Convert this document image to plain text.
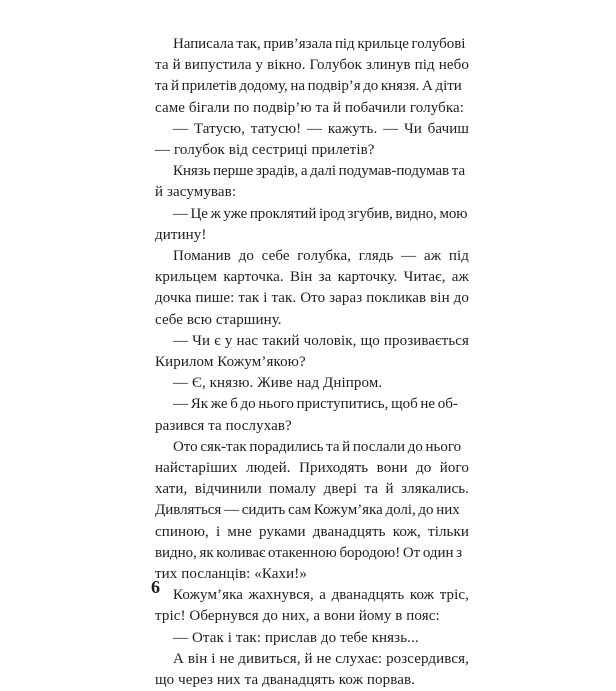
Написала так, прив’язала під крильце голубові
та й випустила у вікно. Голубок злинув під небо
та й прилетів додому, на подвір’я до князя. А діти
саме бігали по подвір’ю та й побачили голубка:
— Татусю, татусю! — кажуть. — Чи бачиш
— голубок від сестриці прилетів?
Князь перше зрадів, а далі подумав-подумав та
й засумував:
— Це ж уже проклятий ірод згубив, видно, мою
дитину!
Поманив до себе голубка, глядь — аж під
крильцем карточка. Він за карточку. Читає, аж
дочка пише: так і так. Ото зараз покликав він до
себе всю старшину.
— Чи є у нас такий чоловік, що прозивається
Кирилом Кожум’якою?
— Є, князю. Живе над Дніпром.
— Як же б до нього приступитись, щоб не об-
разився та послухав?
Ото сяк-так порадились та й послали до нього
найстаріших людей. Приходять вони до його
хати, відчинили помалу двері та й злякались.
Дивляться — сидить сам Кожум’яка долі, до них
спиною, і мне руками дванадцять кож, тільки
видно, як коливає отакенною бородою! От один з
тих посланців: «Кахи!»
Кожум’яка жахнувся, а дванадцять кож тріс,
тріс! Обернувся до них, а вони йому в пояс:
— Отак і так: прислав до тебе князь...
А він і не дивиться, й не слухає: розсердився,
що через них та дванадцять кож порвав.
6
